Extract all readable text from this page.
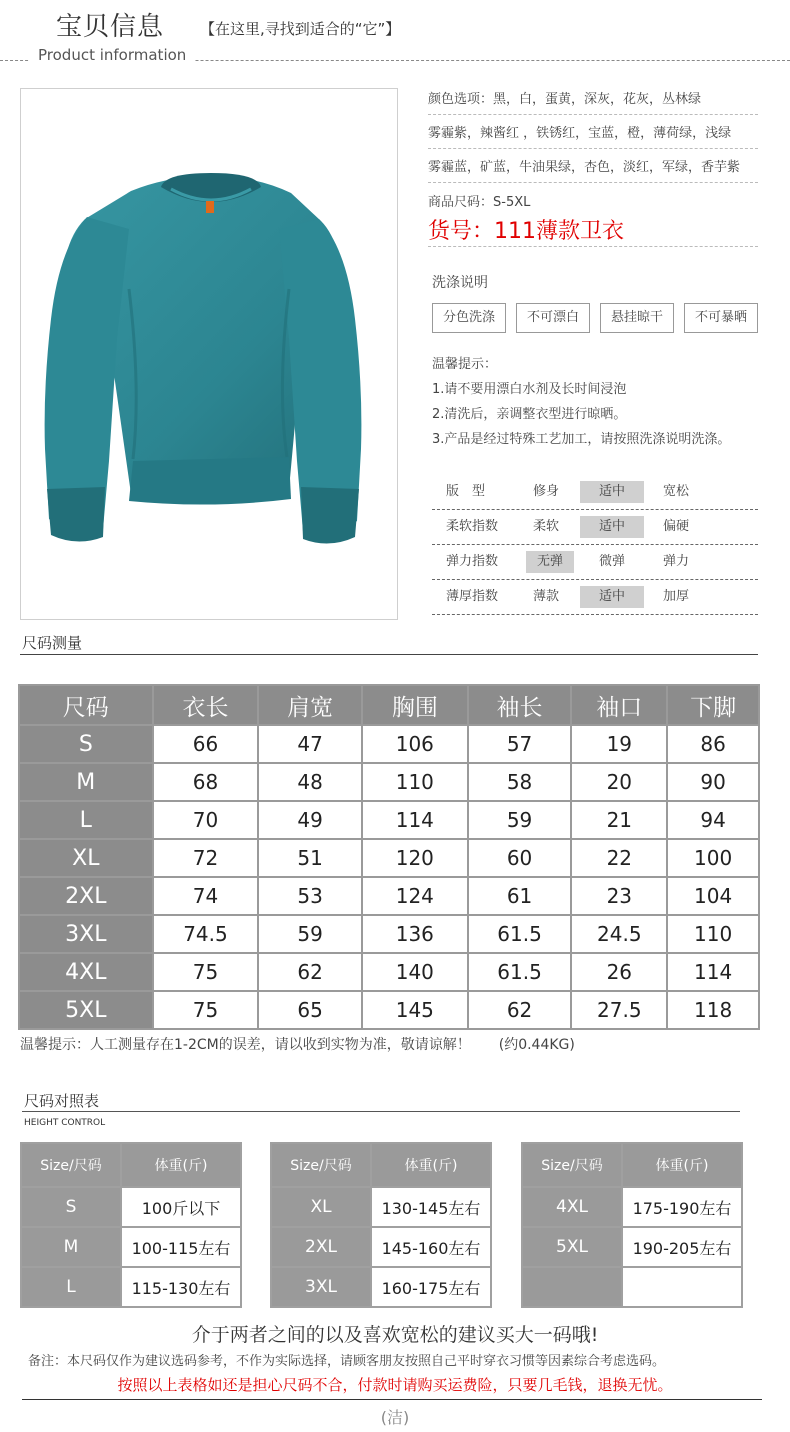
宝贝信息 【在这里,寻找到适合的“它”】
Product information
颜色选项：黑，白，蛋黄，深灰，花灰，丛林绿
雾霾紫，辣酱红 ，铁锈红，宝蓝，橙，薄荷绿，浅绿
雾霾蓝，矿蓝，牛油果绿，杏色，淡红，军绿，香芋紫
商品尺码：S-5XL
货号：111薄款卫衣
洗涤说明
分色洗涤	不可漂白	悬挂晾干	不可暴晒
温馨提示：
1.请不要用漂白水剂及长时间浸泡
2.清洗后，亲调整衣型进行晾晒。
3.产品是经过特殊工艺加工，请按照洗涤说明洗涤。
版　型	修身	适中	宽松
柔软指数	柔软	适中	偏硬
弹力指数	无弹	微弹	弹力
薄厚指数	薄款	适中	加厚
尺码测量
尺码	衣长	肩宽	胸围	袖长	袖口	下脚
S	66	47	106	57	19	86
M	68	48	110	58	20	90
L	70	49	114	59	21	94
XL	72	51	120	60	22	100
2XL	74	53	124	61	23	104
3XL	74.5	59	136	61.5	24.5	110
4XL	75	62	140	61.5	26	114
5XL	75	65	145	62	27.5	118
温馨提示：人工测量存在1-2CM的误差，请以收到实物为准，敬请谅解！ (约0.44KG)
尺码对照表
HEIGHT CONTROL
Size/尺码	体重(斤)
S	100斤以下
M	100-115左右
L	115-130左右
Size/尺码	体重(斤)
XL	130-145左右
2XL	145-160左右
3XL	160-175左右
Size/尺码	体重(斤)
4XL	175-190左右
5XL	190-205左右

介于两者之间的以及喜欢宽松的建议买大一码哦!
备注：本尺码仅作为建议选码参考，不作为实际选择，请顾客朋友按照自己平时穿衣习惯等因素综合考虑选码。
按照以上表格如还是担心尺码不合，付款时请购买运费险，只要几毛钱，退换无忧。
(洁)
